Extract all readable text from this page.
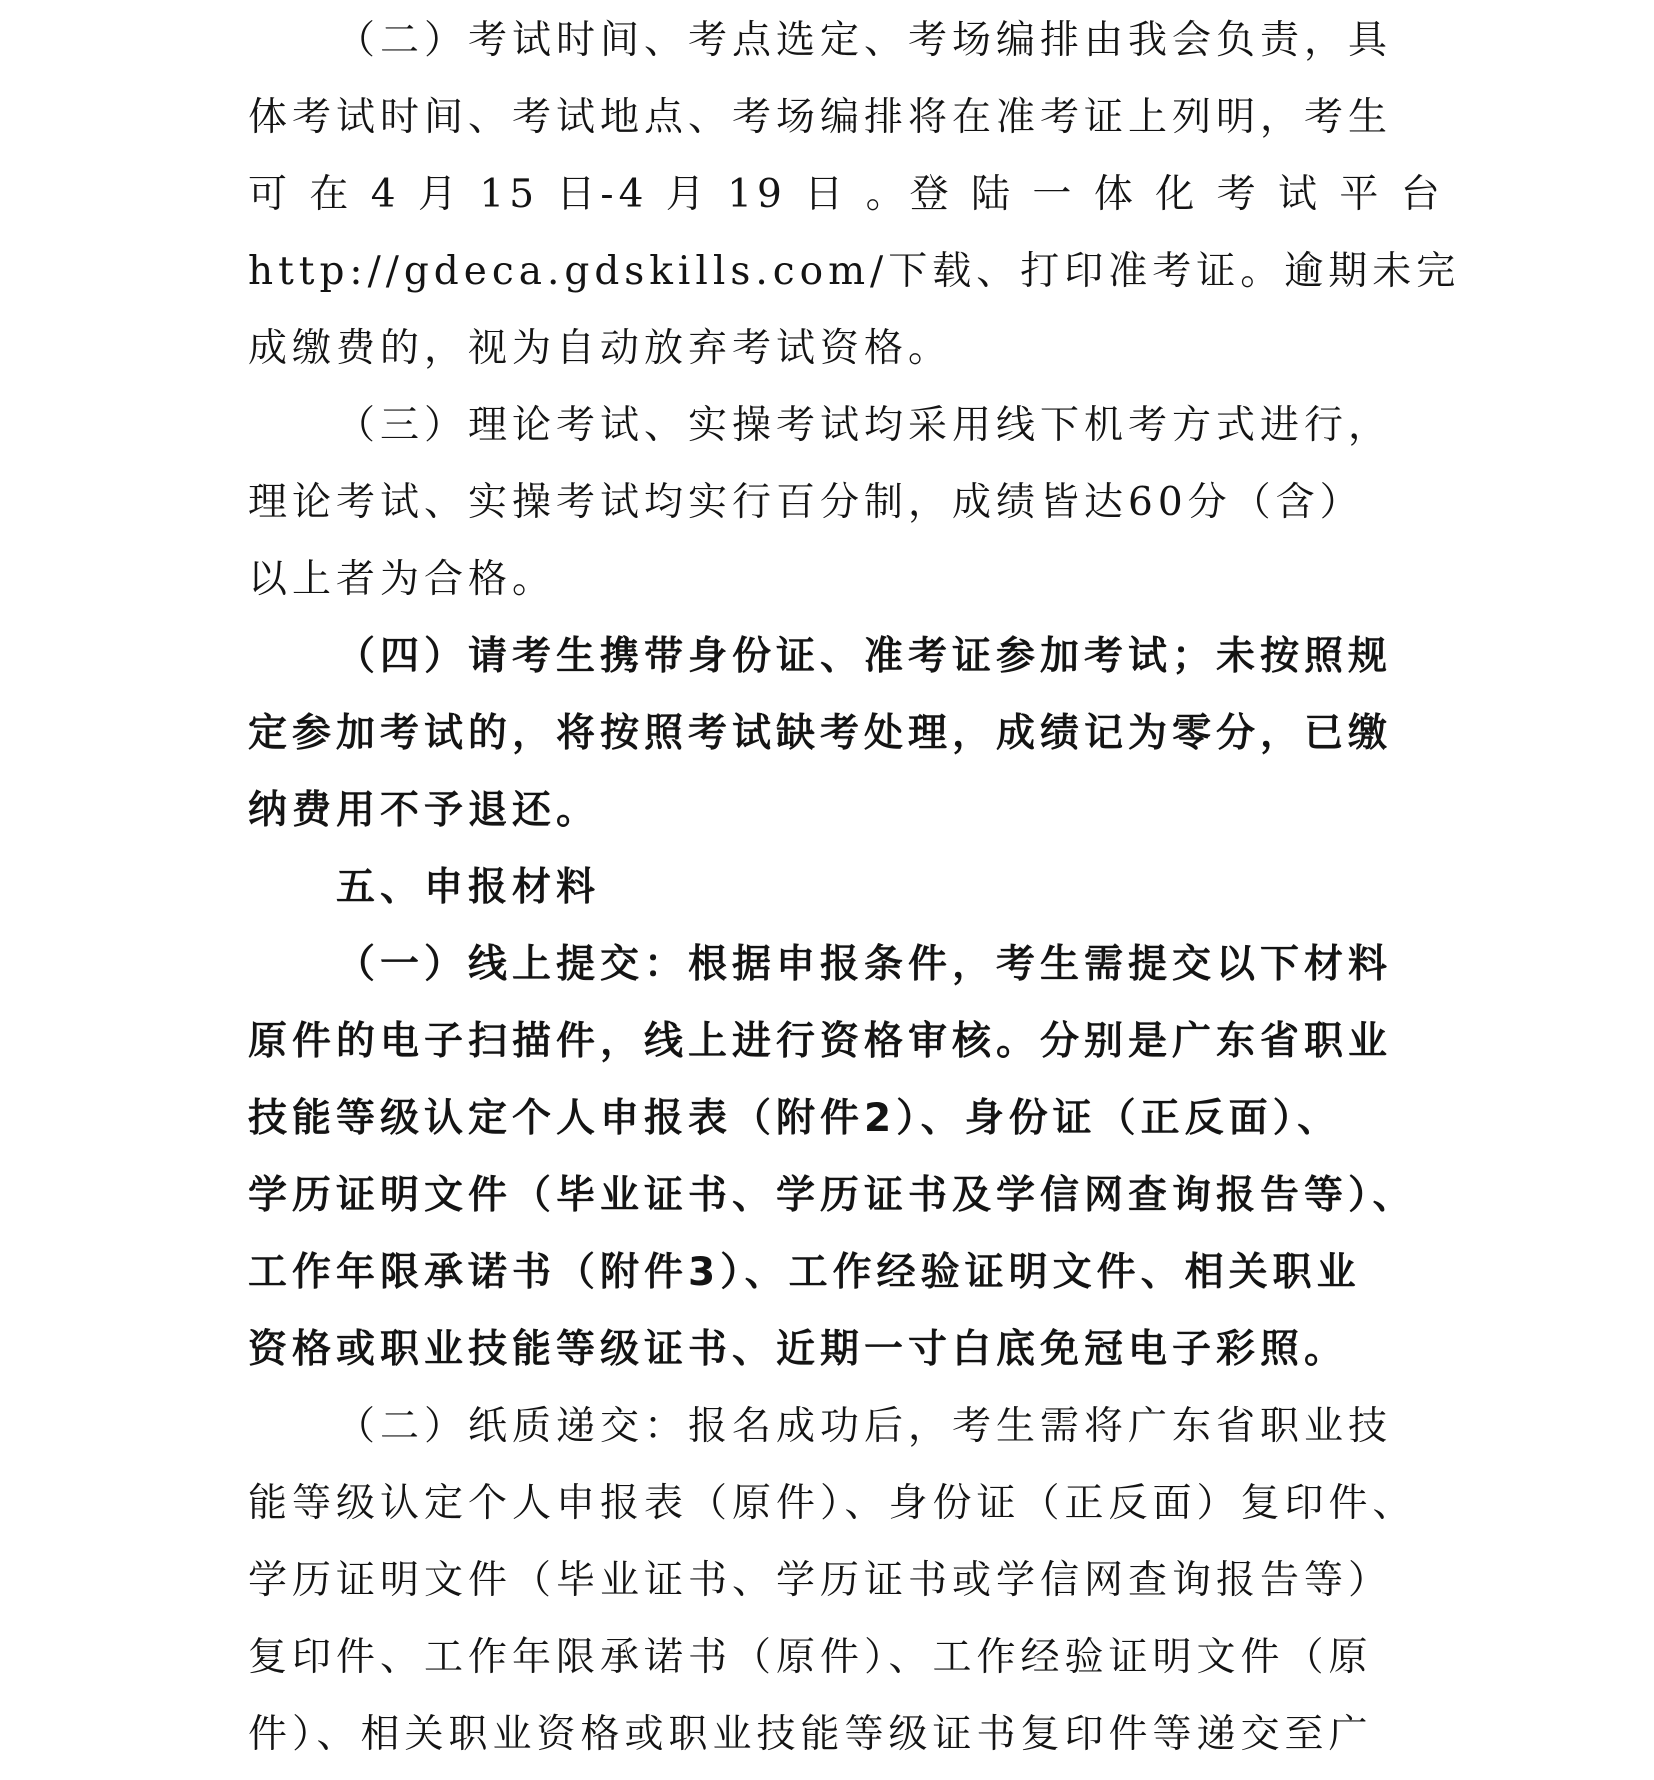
（二）考试时间、考点选定、考场编排由我会负责，具
体考试时间、考试地点、考场编排将在准考证上列明，考生
可 在 4 月 15 日-4 月 19 日 。登 陆 一 体 化 考 试 平 台
http://gdeca.gdskills.com/下载、打印准考证。逾期未完
成缴费的，视为自动放弃考试资格。
（三）理论考试、实操考试均采用线下机考方式进行，
理论考试、实操考试均实行百分制，成绩皆达60分（含）
以上者为合格。
（四）请考生携带身份证、准考证参加考试；未按照规
定参加考试的，将按照考试缺考处理，成绩记为零分，已缴
纳费用不予退还。
五、申报材料
（一）线上提交：根据申报条件，考生需提交以下材料
原件的电子扫描件，线上进行资格审核。分别是广东省职业
技能等级认定个人申报表（附件2）、身份证（正反面）、
学历证明文件（毕业证书、学历证书及学信网查询报告等）、
工作年限承诺书（附件3）、工作经验证明文件、相关职业
资格或职业技能等级证书、近期一寸白底免冠电子彩照。
（二）纸质递交：报名成功后，考生需将广东省职业技
能等级认定个人申报表（原件）、身份证（正反面）复印件、
学历证明文件（毕业证书、学历证书或学信网查询报告等）
复印件、工作年限承诺书（原件）、工作经验证明文件（原
件）、相关职业资格或职业技能等级证书复印件等递交至广
